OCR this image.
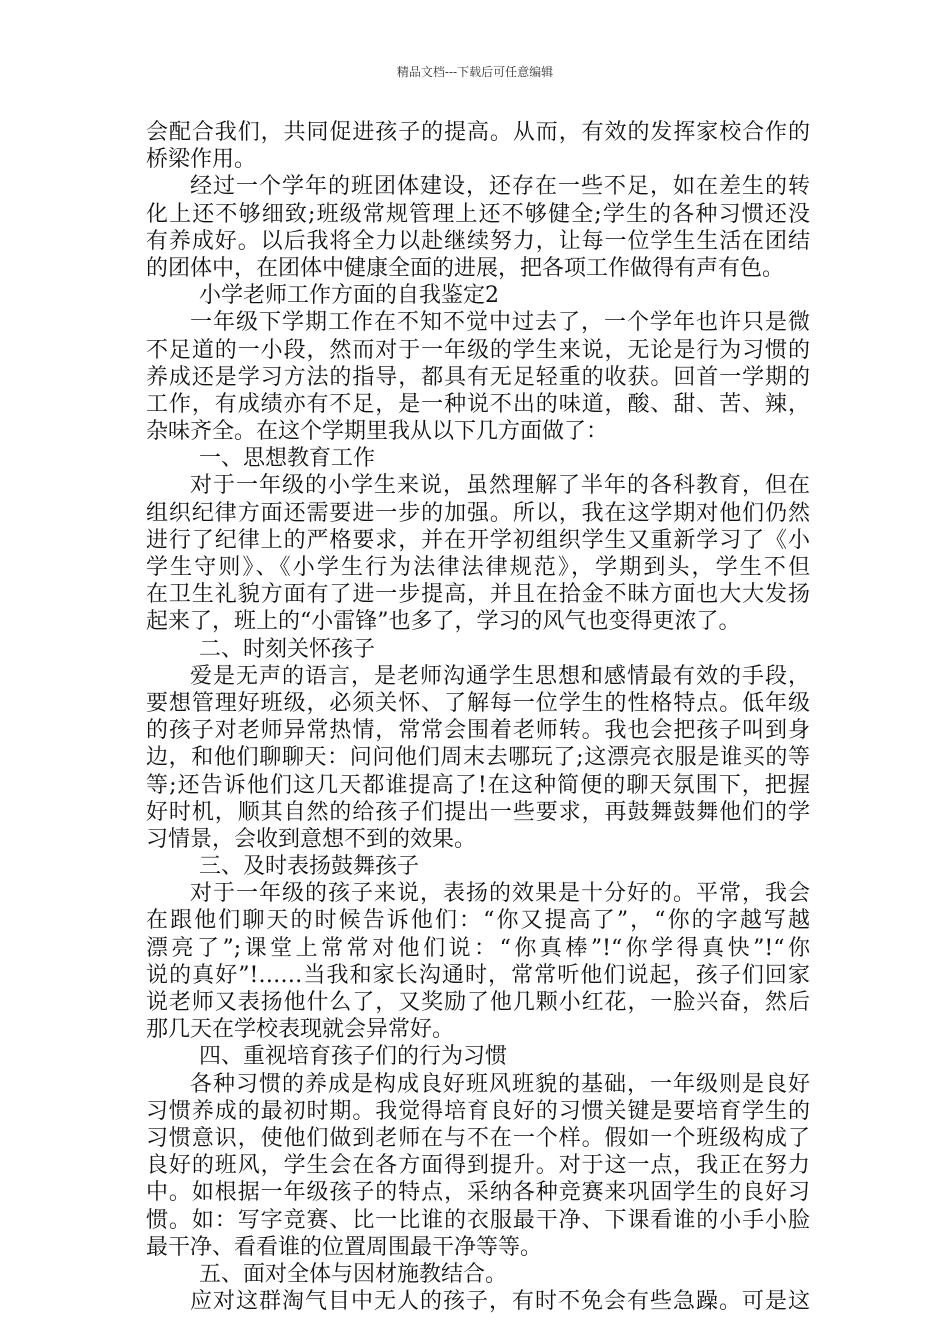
精品文档---下载后可任意编辑
会配合我们，共同促进孩子的提高。从而，有效的发挥家校合作的
桥梁作用。
经过一个学年的班团体建设，还存在一些不足，如在差生的转
化上还不够细致;班级常规管理上还不够健全;学生的各种习惯还没
有养成好。以后我将全力以赴继续努力，让每一位学生生活在团结
的团体中，在团体中健康全面的进展，把各项工作做得有声有色。
小学老师工作方面的自我鉴定2
一年级下学期工作在不知不觉中过去了，一个学年也许只是微
不足道的一小段，然而对于一年级的学生来说，无论是行为习惯的
养成还是学习方法的指导，都具有无足轻重的收获。回首一学期的
工作，有成绩亦有不足，是一种说不出的味道，酸、甜、苦、辣，
杂味齐全。在这个学期里我从以下几方面做了：
一、思想教育工作
对于一年级的小学生来说，虽然理解了半年的各科教育，但在
组织纪律方面还需要进一步的加强。所以，我在这学期对他们仍然
进行了纪律上的严格要求，并在开学初组织学生又重新学习了《小
学生守则》、《小学生行为法律法律规范》，学期到头，学生不但
在卫生礼貌方面有了进一步提高，并且在拾金不昧方面也大大发扬
起来了，班上的“小雷锋”也多了，学习的风气也变得更浓了。
二、时刻关怀孩子
爱是无声的语言，是老师沟通学生思想和感情最有效的手段，
要想管理好班级，必须关怀、了解每一位学生的性格特点。低年级
的孩子对老师异常热情，常常会围着老师转。我也会把孩子叫到身
边，和他们聊聊天：问问他们周末去哪玩了;这漂亮衣服是谁买的等
等;还告诉他们这几天都谁提高了!在这种简便的聊天氛围下，把握
好时机，顺其自然的给孩子们提出一些要求，再鼓舞鼓舞他们的学
习情景，会收到意想不到的效果。
三、及时表扬鼓舞孩子
对于一年级的孩子来说，表扬的效果是十分好的。平常，我会
在跟他们聊天的时候告诉他们：“你又提高了”，“你的字越写越
漂亮了”;课堂上常常对他们说：“你真棒”!“你学得真快”!“你
说的真好”!……当我和家长沟通时，常常听他们说起，孩子们回家
说老师又表扬他什么了，又奖励了他几颗小红花，一脸兴奋，然后
那几天在学校表现就会异常好。
四、重视培育孩子们的行为习惯
各种习惯的养成是构成良好班风班貌的基础，一年级则是良好
习惯养成的最初时期。我觉得培育良好的习惯关键是要培育学生的
习惯意识，使他们做到老师在与不在一个样。假如一个班级构成了
良好的班风，学生会在各方面得到提升。对于这一点，我正在努力
中。如根据一年级孩子的特点，采纳各种竞赛来巩固学生的良好习
惯。如：写字竞赛、比一比谁的衣服最干净、下课看谁的小手小脸
最干净、看看谁的位置周围最干净等等。
五、面对全体与因材施教结合。
应对这群淘气目中无人的孩子，有时不免会有些急躁。可是这
